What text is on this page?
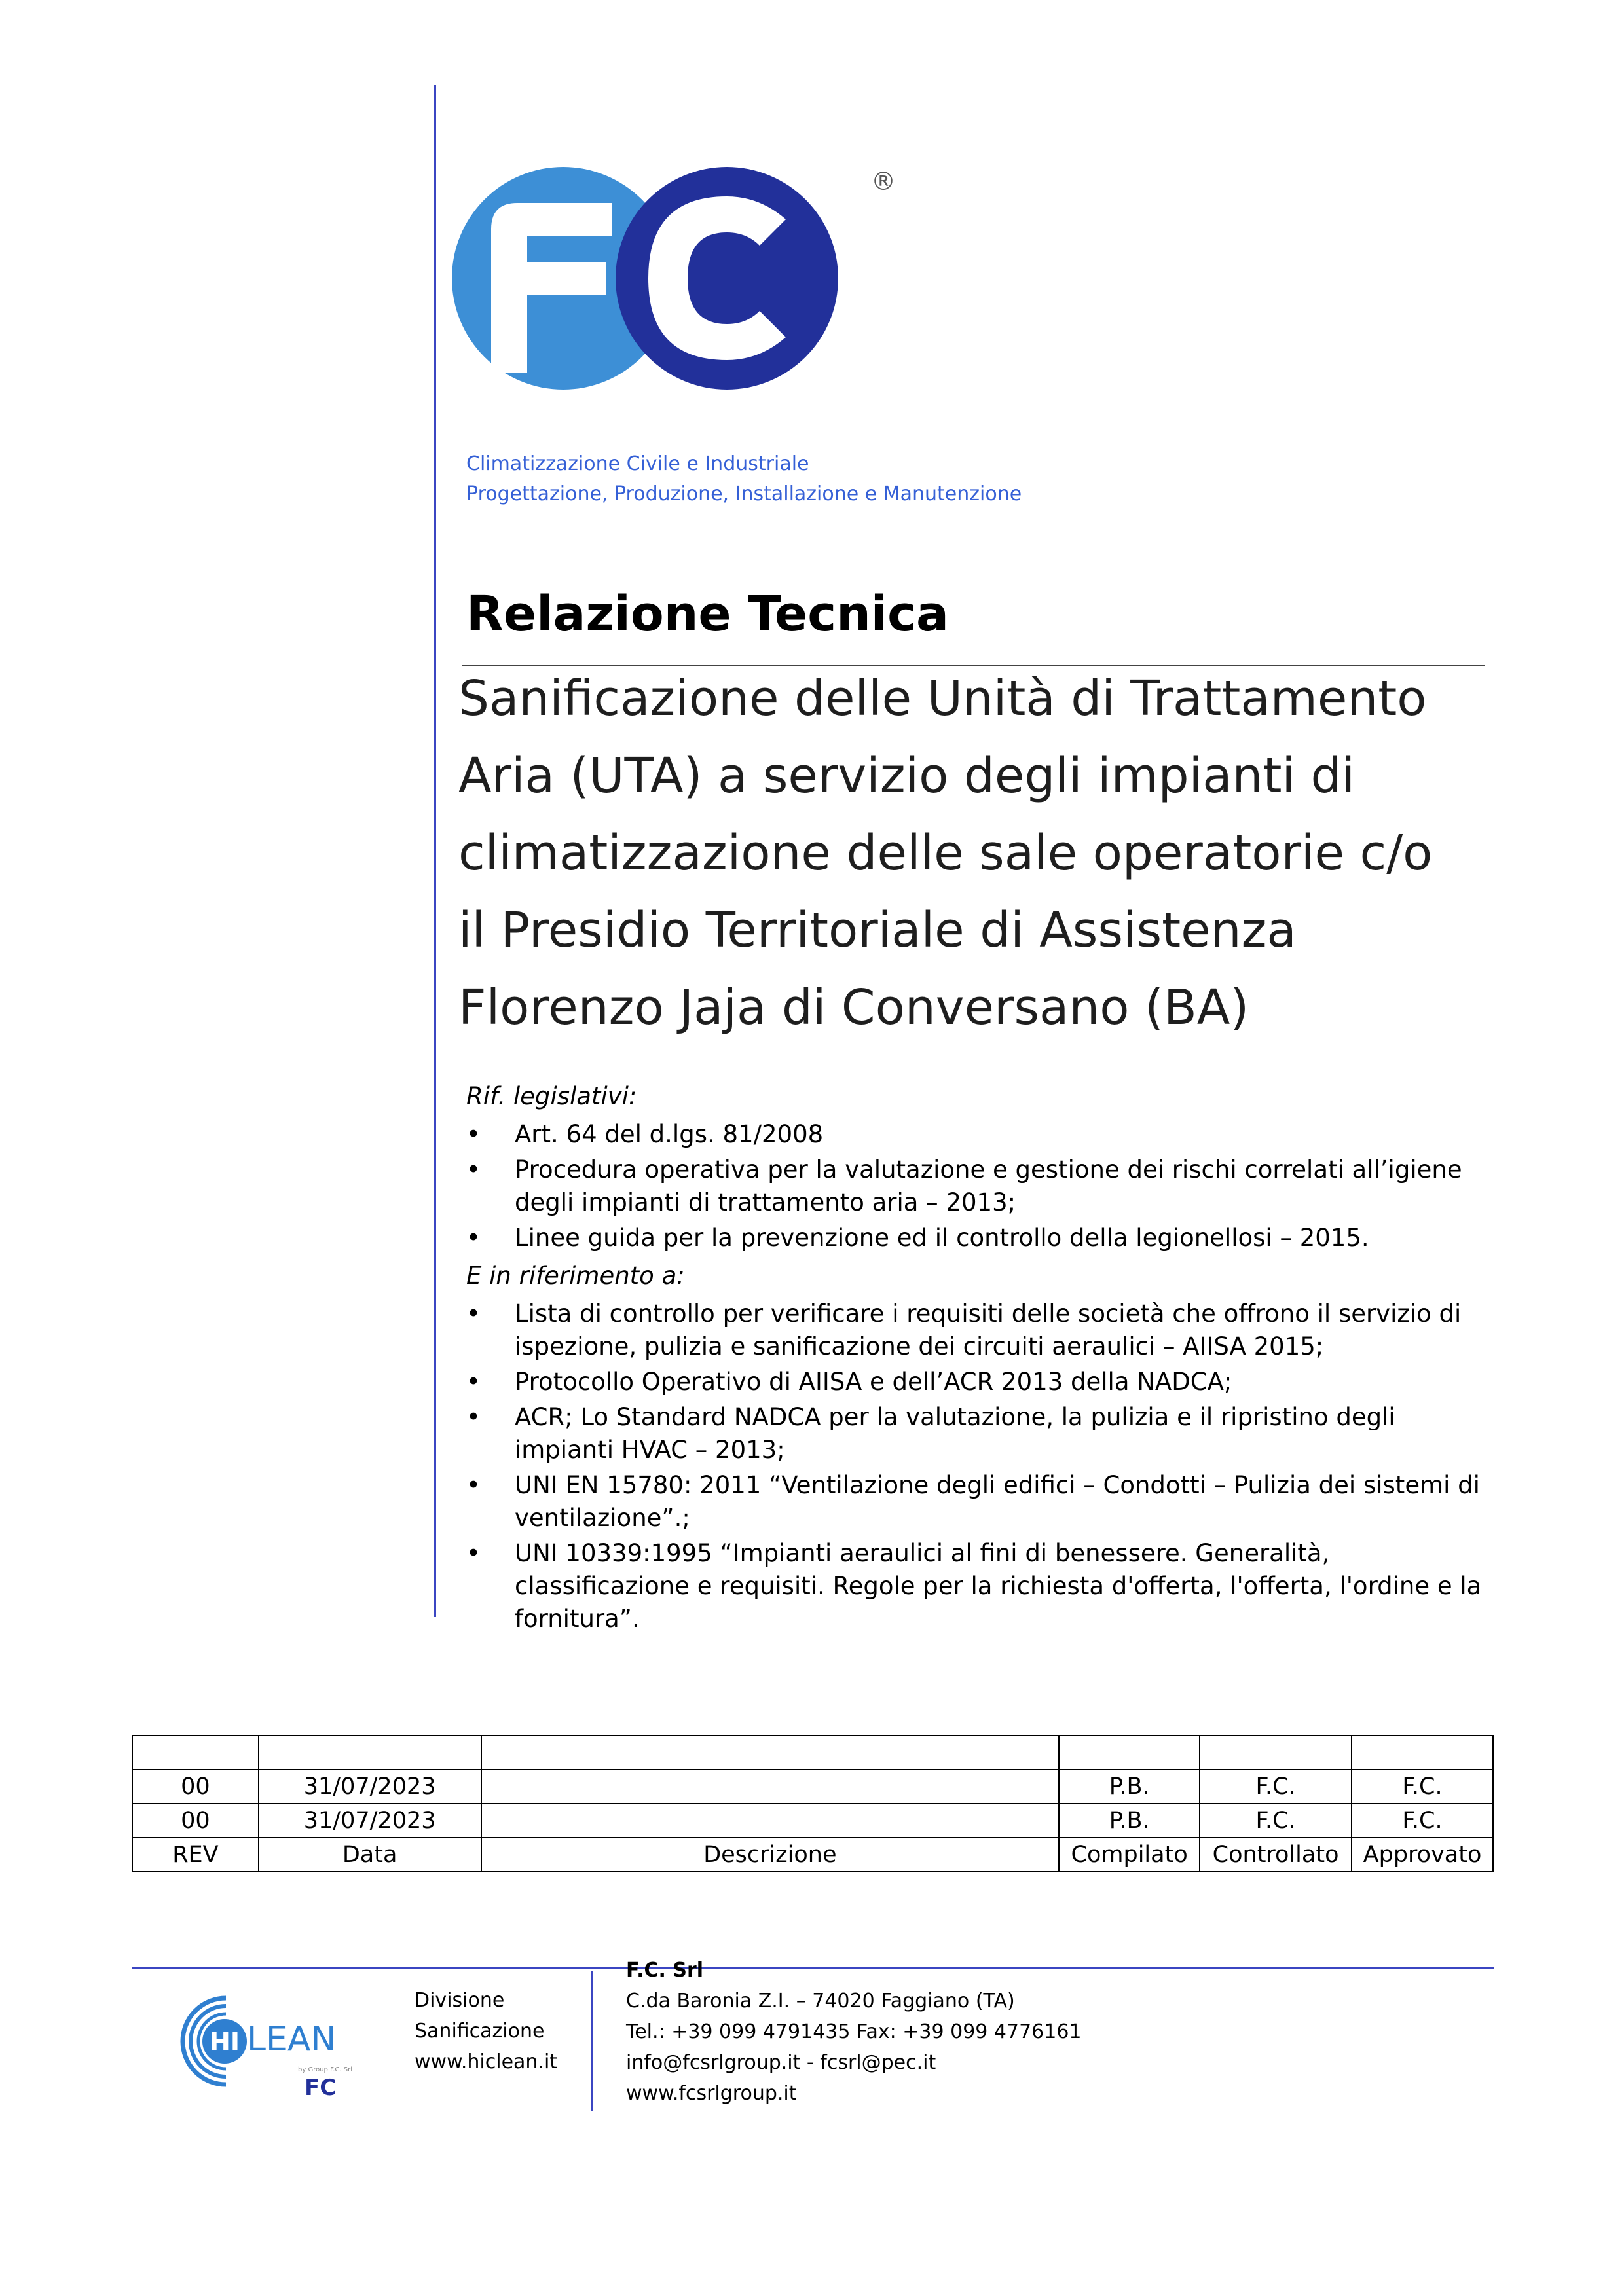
®
Climatizzazione Civile e Industriale
Progettazione, Produzione, Installazione e Manutenzione
Relazione Tecnica
Sanificazione delle Unità di Trattamento
Aria (UTA) a servizio degli impianti di
climatizzazione delle sale operatorie c/o
il Presidio Territoriale di Assistenza
Florenzo Jaja di Conversano (BA)
Rif. legislativi:
•	Art. 64 del d.lgs. 81/2008
•	Procedura operativa per la valutazione e gestione dei rischi correlati all’igiene degli impianti di trattamento aria – 2013;
•	Linee guida per la prevenzione ed il controllo della legionellosi – 2015.
E in riferimento a:
•	Lista di controllo per verificare i requisiti delle società che offrono il servizio di ispezione, pulizia e sanificazione dei circuiti aeraulici – AIISA 2015;
•	Protocollo Operativo di AIISA e dell’ACR 2013 della NADCA;
•	ACR; Lo Standard NADCA per la valutazione, la pulizia e il ripristino degli impianti HVAC – 2013;
•	UNI EN 15780: 2011 “Ventilazione degli edifici – Condotti – Pulizia dei sistemi di ventilazione”.;
•	UNI 10339:1995 “Impianti aeraulici al fini di benessere. Generalità, classificazione e requisiti. Regole per la richiesta d'offerta, l'offerta, l'ordine e la fornitura”.

00	31/07/2023		P.B.	F.C.	F.C.
00	31/07/2023		P.B.	F.C.	F.C.
REV	Data	Descrizione	Compilato	Controllato	Approvato
HI LEAN
by Group F.C. Srl
FC
Divisione
Sanificazione
www.hiclean.it
F.C. Srl
C.da Baronia Z.I. – 74020 Faggiano (TA)
Tel.: +39 099 4791435 Fax: +39 099 4776161
info@fcsrlgroup.it - fcsrl@pec.it
www.fcsrlgroup.it
